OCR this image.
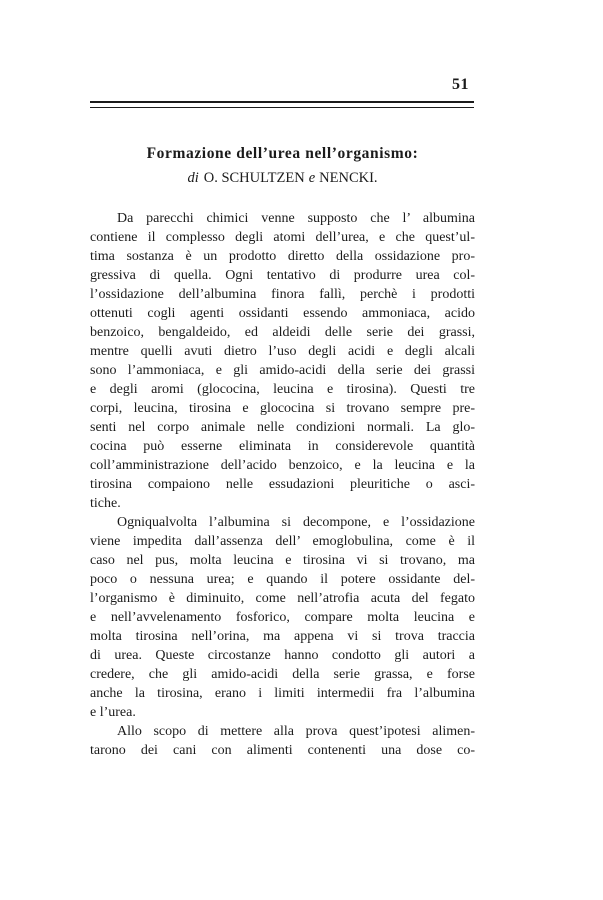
51
Formazione dell’urea nell’organismo:
di O. SCHULTZEN e NENCKI.
Da parecchi chimici venne supposto che l’ albumina
contiene il complesso degli atomi dell’urea, e che quest’ul-
tima sostanza è un prodotto diretto della ossidazione pro-
gressiva di quella. Ogni tentativo di produrre urea col-
l’ossidazione dell’albumina finora fallì, perchè i prodotti
ottenuti cogli agenti ossidanti essendo ammoniaca, acido
benzoico, bengaldeido, ed aldeidi delle serie dei grassi,
mentre quelli avuti dietro l’uso degli acidi e degli alcali
sono l’ammoniaca, e gli amido-acidi della serie dei grassi
e degli aromi (glococina, leucina e tirosina). Questi tre
corpi, leucina, tirosina e glococina si trovano sempre pre-
senti nel corpo animale nelle condizioni normali. La glo-
cocina può esserne eliminata in considerevole quantità
coll’amministrazione dell’acido benzoico, e la leucina e la
tirosina compaiono nelle essudazioni pleuritiche o asci-
tiche.
Ogniqualvolta l’albumina si decompone, e l’ossidazione
viene impedita dall’assenza dell’ emoglobulina, come è il
caso nel pus, molta leucina e tirosina vi si trovano, ma
poco o nessuna urea; e quando il potere ossidante del-
l’organismo è diminuito, come nell’atrofia acuta del fegato
e nell’avvelenamento fosforico, compare molta leucina e
molta tirosina nell’orina, ma appena vi si trova traccia
di urea. Queste circostanze hanno condotto gli autori a
credere, che gli amido-acidi della serie grassa, e forse
anche la tirosina, erano i limiti intermedii fra l’albumina
e l’urea.
Allo scopo di mettere alla prova quest’ipotesi alimen-
tarono dei cani con alimenti contenenti una dose co-
